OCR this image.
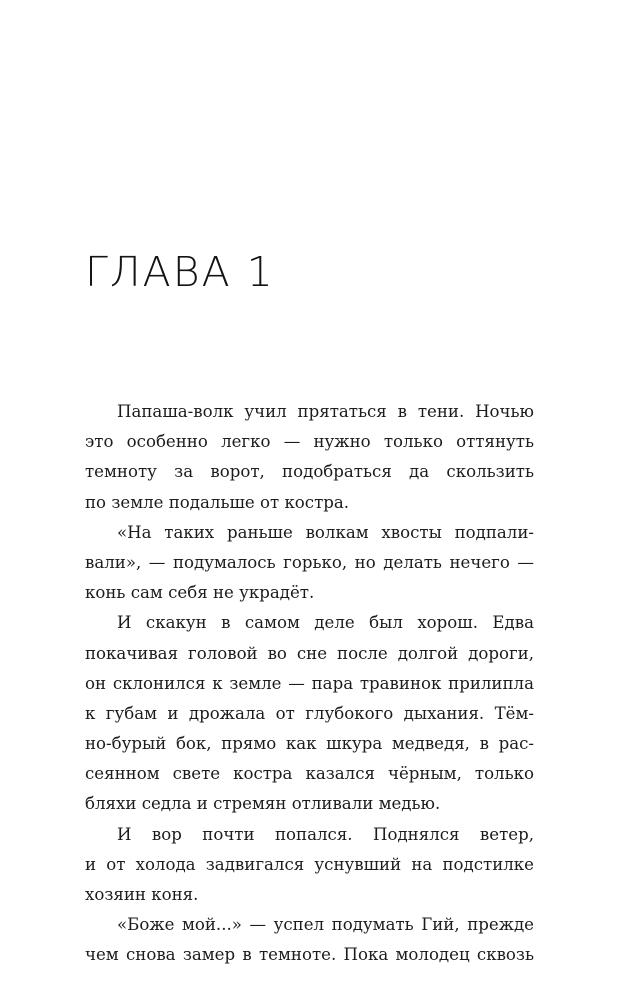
ГЛАВА 1
Папаша-волк учил прятаться в тени. Ночью
это особенно легко — нужно только оттянуть
темноту за ворот, подобраться да скользить
по земле подальше от костра.
«На таких раньше волкам хвосты подпали-
вали», — подумалось горько, но делать нечего —
конь сам себя не украдёт.
И скакун в самом деле был хорош. Едва
покачивая головой во сне после долгой дороги,
он склонился к земле — пара травинок прилипла
к губам и дрожала от глубокого дыхания. Тём-
но-бурый бок, прямо как шкура медведя, в рас-
сеянном свете костра казался чёрным, только
бляхи седла и стремян отливали медью.
И вор почти попался. Поднялся ветер,
и от холода задвигался уснувший на подстилке
хозяин коня.
«Боже мой...» — успел подумать Гий, прежде
чем снова замер в темноте. Пока молодец сквозь
